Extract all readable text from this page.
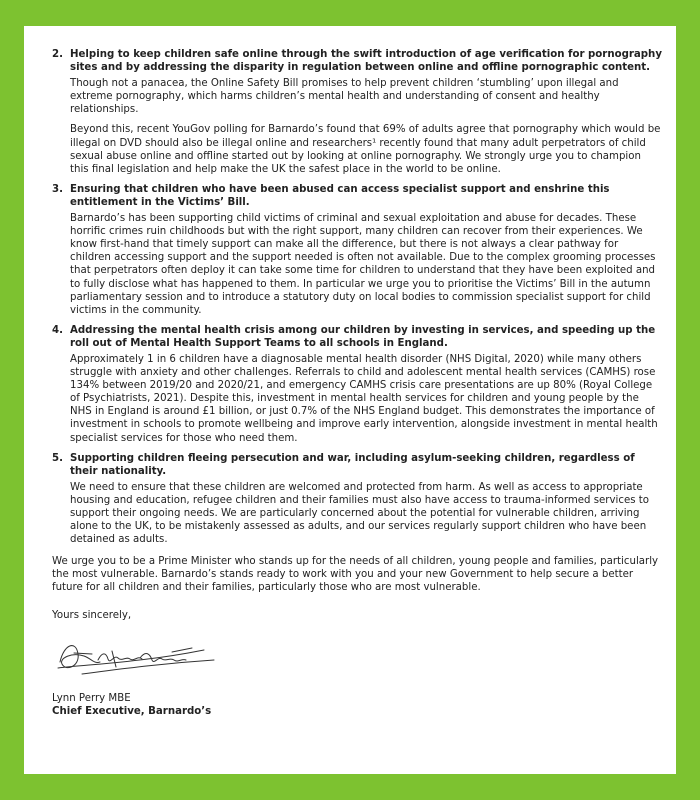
2. Helping to keep children safe online through the swift introduction of age verification for pornography sites and by addressing the disparity in regulation between online and offline pornographic content.

Though not a panacea, the Online Safety Bill promises to help prevent children ‘stumbling’ upon illegal and extreme pornography, which harms children’s mental health and understanding of consent and healthy relationships.

Beyond this, recent YouGov polling for Barnardo’s found that 69% of adults agree that pornography which would be illegal on DVD should also be illegal online and researchers¹ recently found that many adult perpetrators of child sexual abuse online and offline started out by looking at online pornography. We strongly urge you to champion this final legislation and help make the UK the safest place in the world to be online.

3. Ensuring that children who have been abused can access specialist support and enshrine this entitlement in the Victims’ Bill.

Barnardo’s has been supporting child victims of criminal and sexual exploitation and abuse for decades. These horrific crimes ruin childhoods but with the right support, many children can recover from their experiences. We know first-hand that timely support can make all the difference, but there is not always a clear pathway for children accessing support and the support needed is often not available. Due to the complex grooming processes that perpetrators often deploy it can take some time for children to understand that they have been exploited and to fully disclose what has happened to them. In particular we urge you to prioritise the Victims’ Bill in the autumn parliamentary session and to introduce a statutory duty on local bodies to commission specialist support for child victims in the community.

4. Addressing the mental health crisis among our children by investing in services, and speeding up the roll out of Mental Health Support Teams to all schools in England.

Approximately 1 in 6 children have a diagnosable mental health disorder (NHS Digital, 2020) while many others struggle with anxiety and other challenges. Referrals to child and adolescent mental health services (CAMHS) rose 134% between 2019/20 and 2020/21, and emergency CAMHS crisis care presentations are up 80% (Royal College of Psychiatrists, 2021). Despite this, investment in mental health services for children and young people by the NHS in England is around £1 billion, or just 0.7% of the NHS England budget. This demonstrates the importance of investment in schools to promote wellbeing and improve early intervention, alongside investment in mental health specialist services for those who need them.

5. Supporting children fleeing persecution and war, including asylum-seeking children, regardless of their nationality.

We need to ensure that these children are welcomed and protected from harm. As well as access to appropriate housing and education, refugee children and their families must also have access to trauma-informed services to support their ongoing needs. We are particularly concerned about the potential for vulnerable children, arriving alone to the UK, to be mistakenly assessed as adults, and our services regularly support children who have been detained as adults.

We urge you to be a Prime Minister who stands up for the needs of all children, young people and families, particularly the most vulnerable. Barnardo’s stands ready to work with you and your new Government to help secure a better future for all children and their families, particularly those who are most vulnerable.

Yours sincerely,

Lynn Perry MBE

Chief Executive, Barnardo’s
